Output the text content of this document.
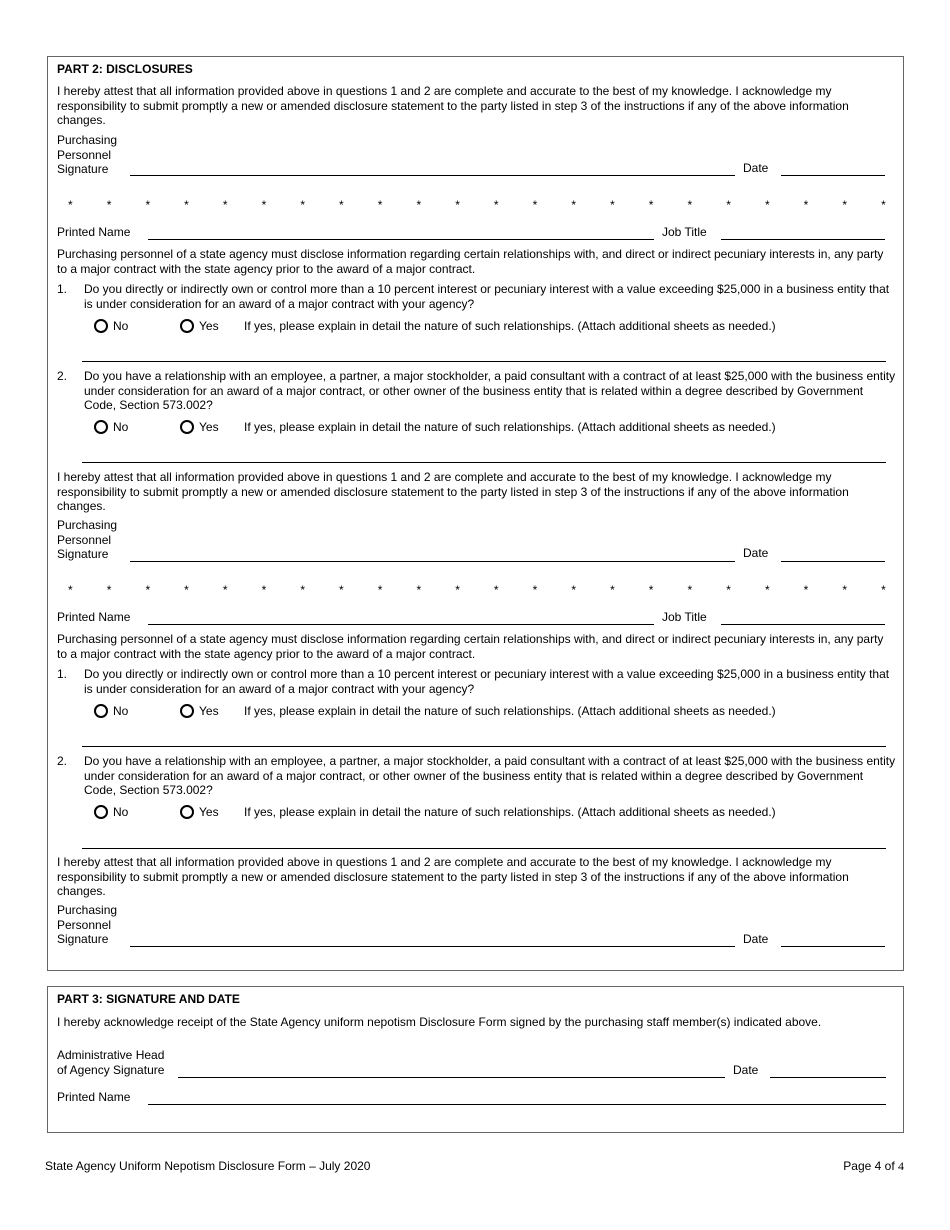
PART 2: DISCLOSURES
I hereby attest that all information provided above in questions 1 and 2 are complete and accurate to the best of my knowledge. I acknowledge my responsibility to submit promptly a new or amended disclosure statement to the party listed in step 3 of the instructions if any of the above information changes.
Purchasing
Personnel
Signature	Date
*	*	*	*	*	*	*	*	*	*	*	*	*	*	*	*	*	*	*	*	*	*
Printed Name	Job Title
Purchasing personnel of a state agency must disclose information regarding certain relationships with, and direct or indirect pecuniary interests in, any party to a major contract with the state agency prior to the award of a major contract.
1. Do you directly or indirectly own or control more than a 10 percent interest or pecuniary interest with a value exceeding $25,000 in a business entity that is under consideration for an award of a major contract with your agency?
No	Yes If yes, please explain in detail the nature of such relationships. (Attach additional sheets as needed.)
2. Do you have a relationship with an employee, a partner, a major stockholder, a paid consultant with a contract of at least $25,000 with the business entity under consideration for an award of a major contract, or other owner of the business entity that is related within a degree described by Government Code, Section 573.002?
No	Yes If yes, please explain in detail the nature of such relationships. (Attach additional sheets as needed.)
I hereby attest that all information provided above in questions 1 and 2 are complete and accurate to the best of my knowledge. I acknowledge my responsibility to submit promptly a new or amended disclosure statement to the party listed in step 3 of the instructions if any of the above information changes.
Purchasing
Personnel
Signature	Date
*	*	*	*	*	*	*	*	*	*	*	*	*	*	*	*	*	*	*	*	*	*
Printed Name	Job Title
Purchasing personnel of a state agency must disclose information regarding certain relationships with, and direct or indirect pecuniary interests in, any party to a major contract with the state agency prior to the award of a major contract.
1. Do you directly or indirectly own or control more than a 10 percent interest or pecuniary interest with a value exceeding $25,000 in a business entity that is under consideration for an award of a major contract with your agency?
No	Yes If yes, please explain in detail the nature of such relationships. (Attach additional sheets as needed.)
2. Do you have a relationship with an employee, a partner, a major stockholder, a paid consultant with a contract of at least $25,000 with the business entity under consideration for an award of a major contract, or other owner of the business entity that is related within a degree described by Government Code, Section 573.002?
No	Yes If yes, please explain in detail the nature of such relationships. (Attach additional sheets as needed.)
I hereby attest that all information provided above in questions 1 and 2 are complete and accurate to the best of my knowledge. I acknowledge my responsibility to submit promptly a new or amended disclosure statement to the party listed in step 3 of the instructions if any of the above information changes.
Purchasing
Personnel
Signature	Date
PART 3: SIGNATURE AND DATE
I hereby acknowledge receipt of the State Agency uniform nepotism Disclosure Form signed by the purchasing staff member(s) indicated above.
Administrative Head
of Agency Signature	Date
Printed Name
State Agency Uniform Nepotism Disclosure Form – July 2020	Page 4 of 4
